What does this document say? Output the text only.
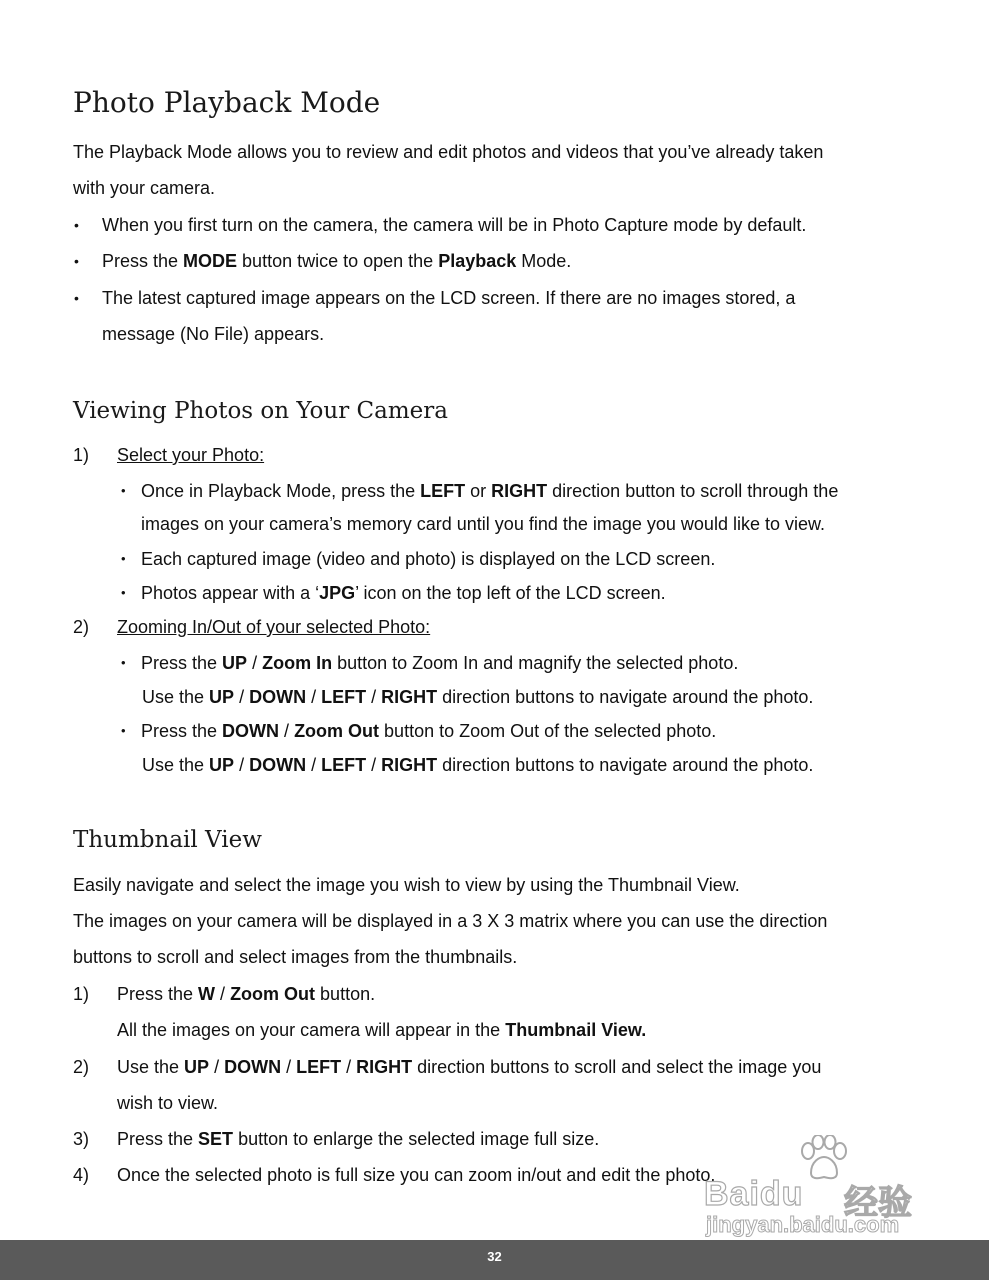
Photo Playback Mode

The Playback Mode allows you to review and edit photos and videos that you’ve already taken

with your camera.

• When you first turn on the camera, the camera will be in Photo Capture mode by default.

• Press the MODE button twice to open the Playback Mode.

• The latest captured image appears on the LCD screen. If there are no images stored, a

message (No File) appears.

Viewing Photos on Your Camera

1) Select your Photo:

• Once in Playback Mode, press the LEFT or RIGHT direction button to scroll through the

images on your camera’s memory card until you find the image you would like to view.

• Each captured image (video and photo) is displayed on the LCD screen.

• Photos appear with a ‘JPG’ icon on the top left of the LCD screen.

2) Zooming In/Out of your selected Photo:

• Press the UP / Zoom In button to Zoom In and magnify the selected photo.

Use the UP / DOWN / LEFT / RIGHT direction buttons to navigate around the photo.

• Press the DOWN / Zoom Out button to Zoom Out of the selected photo.

Use the UP / DOWN / LEFT / RIGHT direction buttons to navigate around the photo.

Thumbnail View

Easily navigate and select the image you wish to view by using the Thumbnail View.

The images on your camera will be displayed in a 3 X 3 matrix where you can use the direction

buttons to scroll and select images from the thumbnails.

1) Press the W / Zoom Out button.

All the images on your camera will appear in the Thumbnail View.

2) Use the UP / DOWN / LEFT / RIGHT direction buttons to scroll and select the image you

wish to view.

3) Press the SET button to enlarge the selected image full size.

4) Once the selected photo is full size you can zoom in/out and edit the photo.

Baidu 经验
jingyan.baidu.com
32
